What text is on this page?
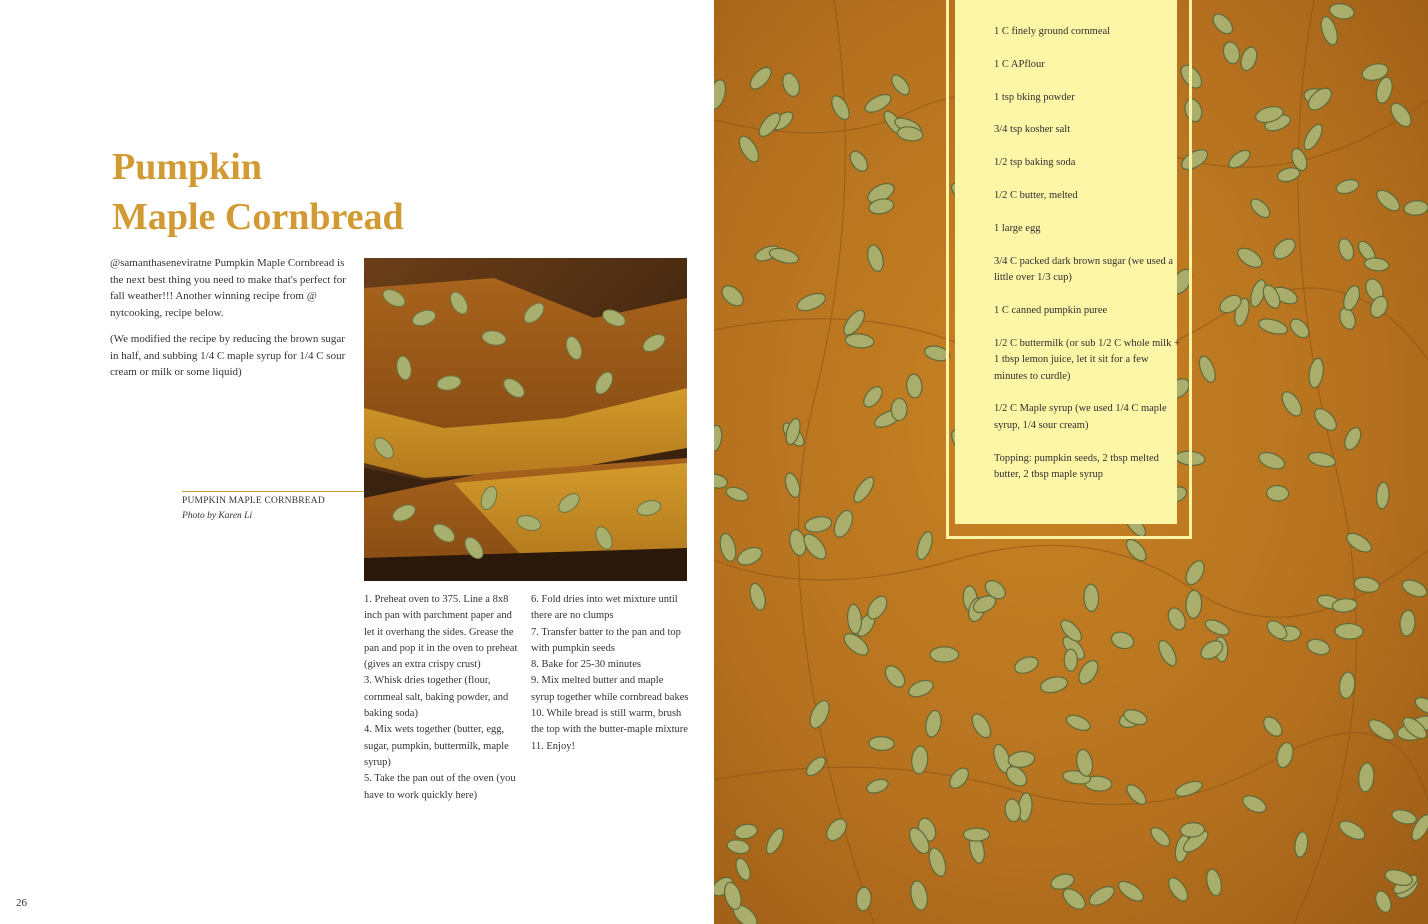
Pumpkin
Maple Cornbread

@samanthaseneviratne Pumpkin Maple Cornbread is the next best thing you need to make that's perfect for fall weather!!! Another winning recipe from @ nytcooking, recipe below.

(We modified the recipe by reducing the brown sugar in half, and subbing 1/4 C maple syrup for 1/4 C sour cream or milk or some liquid)

PUMPKIN MAPLE CORNBREAD
Photo by Karen Li

1. Preheat oven to 375. Line a 8x8 inch pan with parchment paper and let it overhang the sides. Grease the pan and pop it in the oven to preheat (gives an extra crispy crust)

3. Whisk dries together (flour, cornmeal salt, baking powder, and baking soda)

4. Mix wets together (butter, egg, sugar, pumpkin, buttermilk, maple syrup)

5. Take the pan out of the oven (you have to work quickly here)

6. Fold dries into wet mixture until there are no clumps

7. Transfer batter to the pan and top with pumpkin seeds

8. Bake for 25-30 minutes

9. Mix melted butter and maple syrup together while cornbread bakes

10. While bread is still warm, brush the top with the butter-maple mixture

11. Enjoy!

26
1 C finely ground cornmeal
1 C APflour
1 tsp bking powder
3/4 tsp kosher salt
1/2 tsp baking soda
1/2 C butter, melted
1 large egg
3/4 C packed dark brown sugar (we used a little over 1/3 cup)
1 C canned pumpkin puree
1/2 C buttermilk (or sub 1/2 C whole milk + 1 tbsp lemon juice, let it sit for a few minutes to curdle)
1/2 C Maple syrup (we used 1/4 C maple syrup, 1/4 sour cream)
Topping: pumpkin seeds, 2 tbsp melted butter, 2 tbsp maple syrup
